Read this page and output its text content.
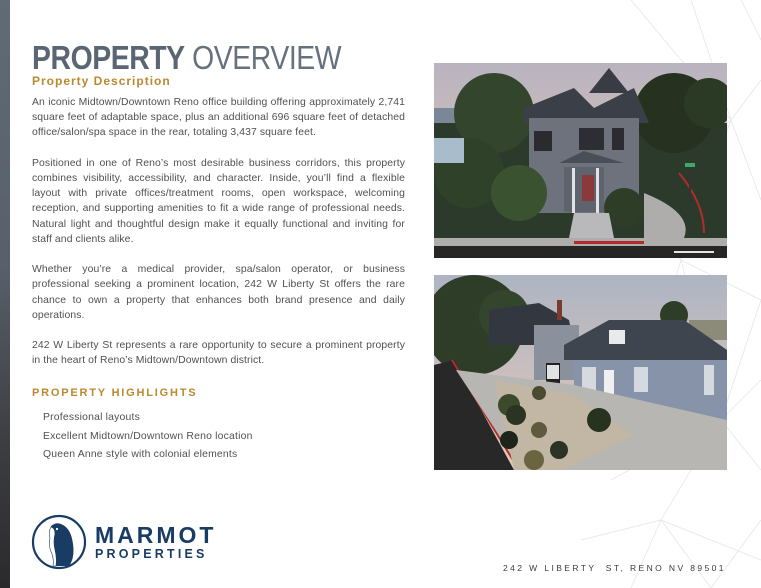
PROPERTY OVERVIEW
Property Description

An iconic Midtown/Downtown Reno office building offering approximately 2,741 square feet of adaptable space, plus an additional 696 square feet of detached office/salon/spa space in the rear, totaling 3,437 square feet.

Positioned in one of Reno’s most desirable business corridors, this property combines visibility, accessibility, and character. Inside, you’ll find a flexible layout with private offices/treatment rooms, open workspace, welcoming reception, and supporting amenities to fit a wide range of professional needs. Natural light and thoughtful design make it equally functional and inviting for staff and clients alike.

Whether you’re a medical provider, spa/salon operator, or business professional seeking a prominent location, 242 W Liberty St offers the rare chance to own a property that enhances both brand presence and daily operations.

242 W Liberty St represents a rare opportunity to secure a prominent property in the heart of Reno’s Midtown/Downtown district.

PROPERTY HIGHLIGHTS
Professional layouts
Excellent Midtown/Downtown Reno location
Queen Anne style with colonial elements
MARMOT
PROPERTIES
242 W LIBERTY  ST, RENO NV 89501
